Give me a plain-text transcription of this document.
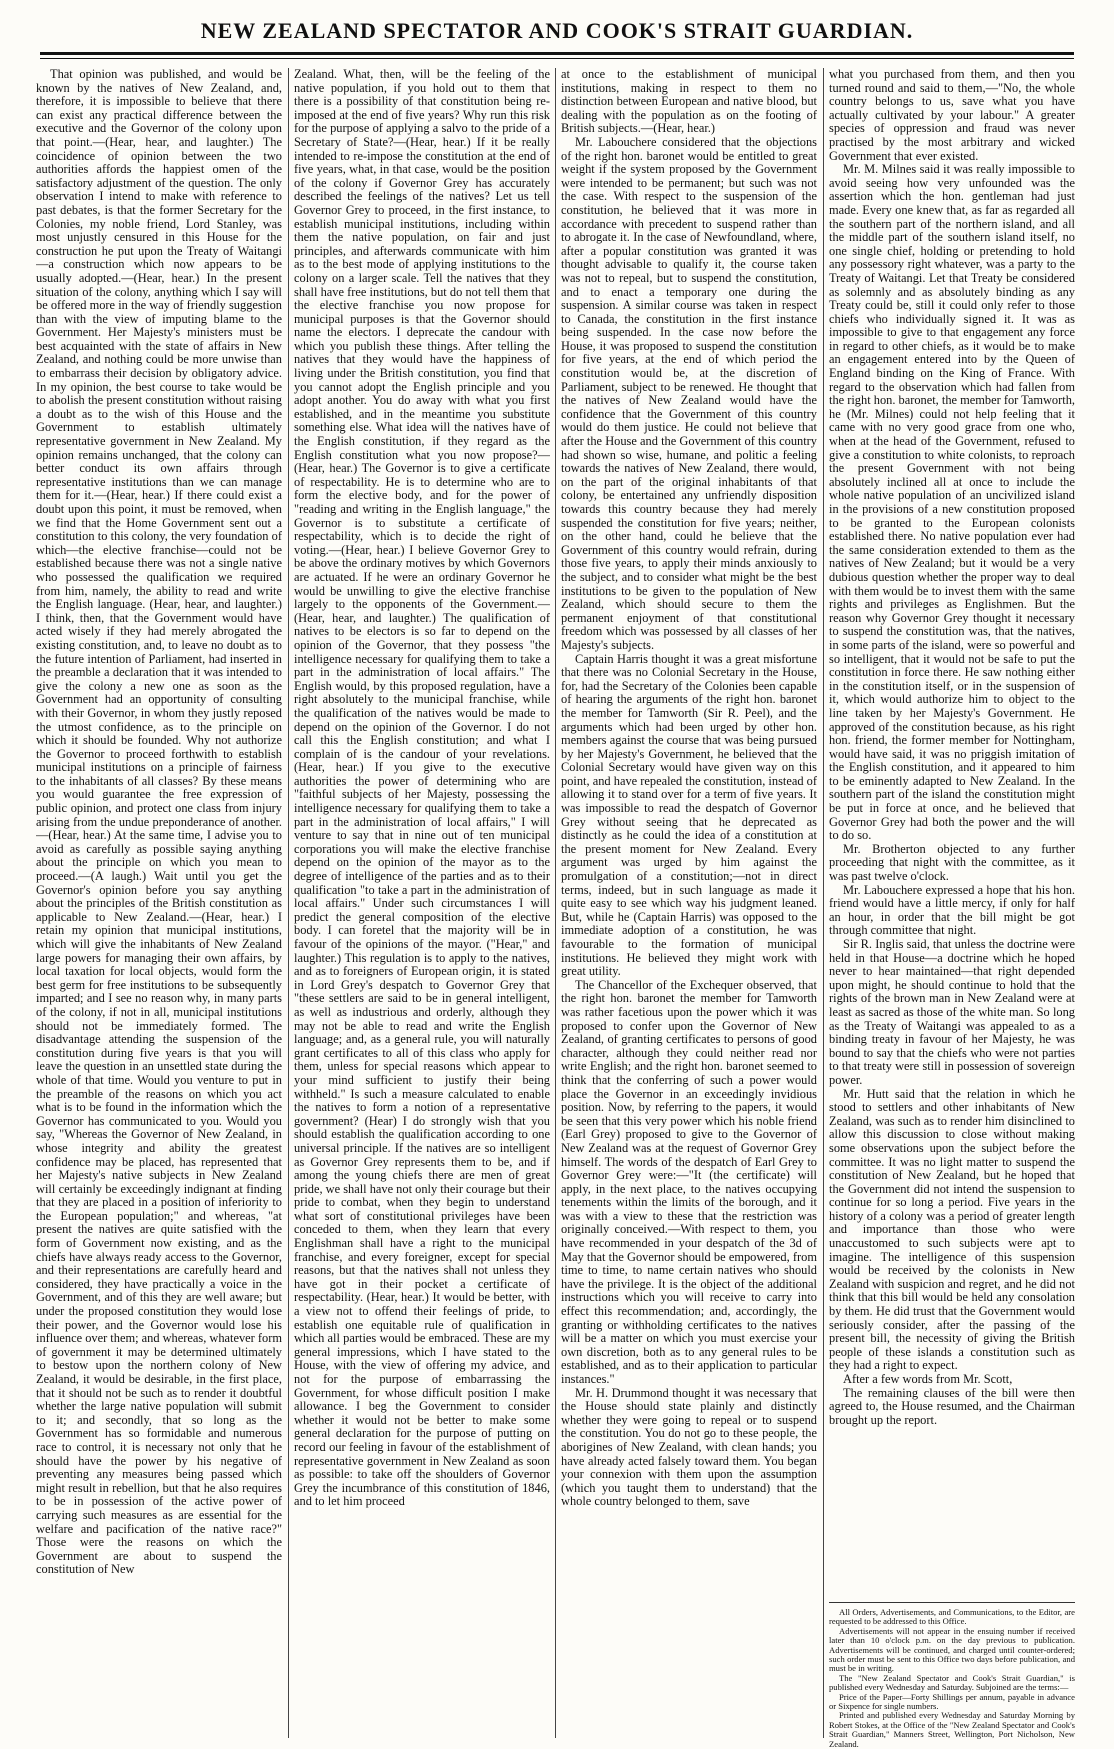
NEW ZEALAND SPECTATOR AND COOK'S STRAIT GUARDIAN.

That opinion was published, and would be known by the natives of New Zealand, and, therefore, it is impossible to believe that there can exist any practical difference between the executive and the Governor of the colony upon that point.—(Hear, hear, and laughter.) The coincidence of opinion between the two authorities affords the happiest omen of the satisfactory adjustment of the question. The only observation I intend to make with reference to past debates, is that the former Secretary for the Colonies, my noble friend, Lord Stanley, was most unjustly censured in this House for the construction he put upon the Treaty of Waitangi—a construction which now appears to be usually adopted.—(Hear, hear.) In the present situation of the colony, anything which I say will be offered more in the way of friendly suggestion than with the view of imputing blame to the Government. Her Majesty's ministers must be best acquainted with the state of affairs in New Zealand, and nothing could be more unwise than to embarrass their decision by obligatory advice. In my opinion, the best course to take would be to abolish the present constitution without raising a doubt as to the wish of this House and the Government to establish ultimately representative government in New Zealand. My opinion remains unchanged, that the colony can better conduct its own affairs through representative institutions than we can manage them for it.—(Hear, hear.) If there could exist a doubt upon this point, it must be removed, when we find that the Home Government sent out a constitution to this colony, the very foundation of which—the elective franchise—could not be established because there was not a single native who possessed the qualification we required from him, namely, the ability to read and write the English language. (Hear, hear, and laughter.) I think, then, that the Government would have acted wisely if they had merely abrogated the existing constitution, and, to leave no doubt as to the future intention of Parliament, had inserted in the preamble a declaration that it was intended to give the colony a new one as soon as the Government had an opportunity of consulting with their Governor, in whom they justly reposed the utmost confidence, as to the principle on which it should be founded. Why not authorize the Governor to proceed forthwith to establish municipal institutions on a principle of fairness to the inhabitants of all classes? By these means you would guarantee the free expression of public opinion, and protect one class from injury arising from the undue preponderance of another. —(Hear, hear.) At the same time, I advise you to avoid as carefully as possible saying anything about the principle on which you mean to proceed.—(A laugh.) Wait until you get the Governor's opinion before you say anything about the principles of the British constitution as applicable to New Zealand.—(Hear, hear.) I retain my opinion that municipal institutions, which will give the inhabitants of New Zealand large powers for managing their own affairs, by local taxation for local objects, would form the best germ for free institutions to be subsequently imparted; and I see no reason why, in many parts of the colony, if not in all, municipal institutions should not be immediately formed. The disadvantage attending the suspension of the constitution during five years is that you will leave the question in an unsettled state during the whole of that time. Would you venture to put in the preamble of the reasons on which you act what is to be found in the information which the Governor has communicated to you. Would you say, "Whereas the Governor of New Zealand, in whose integrity and ability the greatest confidence may be placed, has represented that her Majesty's native subjects in New Zealand will certainly be exceedingly indignant at finding that they are placed in a position of inferiority to the European population;" and whereas, "at present the natives are quite satisfied with the form of Government now existing, and as the chiefs have always ready access to the Governor, and their representations are carefully heard and considered, they have practically a voice in the Government, and of this they are well aware; but under the proposed constitution they would lose their power, and the Governor would lose his influence over them; and whereas, whatever form of government it may be determined ultimately to bestow upon the northern colony of New Zealand, it would be desirable, in the first place, that it should not be such as to render it doubtful whether the large native population will submit to it; and secondly, that so long as the Government has so formidable and numerous race to control, it is necessary not only that he should have the power by his negative of preventing any measures being passed which might result in rebellion, but that he also requires to be in possession of the active power of carrying such measures as are essential for the welfare and pacification of the native race?" Those were the reasons on which the Government are about to suspend the constitution of New

Zealand. What, then, will be the feeling of the native population, if you hold out to them that there is a possibility of that constitution being re-imposed at the end of five years? Why run this risk for the purpose of applying a salvo to the pride of a Secretary of State?—(Hear, hear.) If it be really intended to re-impose the constitution at the end of five years, what, in that case, would be the position of the colony if Governor Grey has accurately described the feelings of the natives? Let us tell Governor Grey to proceed, in the first instance, to establish municipal institutions, including within them the native population, on fair and just principles, and afterwards communicate with him as to the best mode of applying institutions to the colony on a larger scale. Tell the natives that they shall have free institutions, but do not tell them that the elective franchise you now propose for municipal purposes is that the Governor should name the electors. I deprecate the candour with which you publish these things. After telling the natives that they would have the happiness of living under the British constitution, you find that you cannot adopt the English principle and you adopt another. You do away with what you first established, and in the meantime you substitute something else. What idea will the natives have of the English constitution, if they regard as the English constitution what you now propose?—(Hear, hear.) The Governor is to give a certificate of respectability. He is to determine who are to form the elective body, and for the power of "reading and writing in the English language," the Governor is to substitute a certificate of respectability, which is to decide the right of voting.—(Hear, hear.) I believe Governor Grey to be above the ordinary motives by which Governors are actuated. If he were an ordinary Governor he would be unwilling to give the elective franchise largely to the opponents of the Government.—(Hear, hear, and laughter.) The qualification of natives to be electors is so far to depend on the opinion of the Governor, that they possess "the intelligence necessary for qualifying them to take a part in the administration of local affairs." The English would, by this proposed regulation, have a right absolutely to the municipal franchise, while the qualification of the natives would be made to depend on the opinion of the Governor. I do not call this the English constitution; and what I complain of is the candour of your revelations. (Hear, hear.) If you give to the executive authorities the power of determining who are "faithful subjects of her Majesty, possessing the intelligence necessary for qualifying them to take a part in the administration of local affairs," I will venture to say that in nine out of ten municipal corporations you will make the elective franchise depend on the opinion of the mayor as to the degree of intelligence of the parties and as to their qualification "to take a part in the administration of local affairs." Under such circumstances I will predict the general composition of the elective body. I can foretel that the majority will be in favour of the opinions of the mayor. ("Hear," and laughter.) This regulation is to apply to the natives, and as to foreigners of European origin, it is stated in Lord Grey's despatch to Governor Grey that "these settlers are said to be in general intelligent, as well as industrious and orderly, although they may not be able to read and write the English language; and, as a general rule, you will naturally grant certificates to all of this class who apply for them, unless for special reasons which appear to your mind sufficient to justify their being withheld." Is such a measure calculated to enable the natives to form a notion of a representative government? (Hear) I do strongly wish that you should establish the qualification according to one universal principle. If the natives are so intelligent as Governor Grey represents them to be, and if among the young chiefs there are men of great pride, we shall have not only their courage but their pride to combat, when they begin to understand what sort of constitutional privileges have been conceded to them, when they learn that every Englishman shall have a right to the municipal franchise, and every foreigner, except for special reasons, but that the natives shall not unless they have got in their pocket a certificate of respectability. (Hear, hear.) It would be better, with a view not to offend their feelings of pride, to establish one equitable rule of qualification in which all parties would be embraced. These are my general impressions, which I have stated to the House, with the view of offering my advice, and not for the purpose of embarrassing the Government, for whose difficult position I make allowance. I beg the Government to consider whether it would not be better to make some general declaration for the purpose of putting on record our feeling in favour of the establishment of representative government in New Zealand as soon as possible: to take off the shoulders of Governor Grey the incumbrance of this constitution of 1846, and to let him proceed

at once to the establishment of municipal institutions, making in respect to them no distinction between European and native blood, but dealing with the population as on the footing of British subjects.—(Hear, hear.)

Mr. Labouchere considered that the objections of the right hon. baronet would be entitled to great weight if the system proposed by the Government were intended to be permanent; but such was not the case. With respect to the suspension of the constitution, he believed that it was more in accordance with precedent to suspend rather than to abrogate it. In the case of Newfoundland, where, after a popular constitution was granted it was thought advisable to qualify it, the course taken was not to repeal, but to suspend the constitution, and to enact a temporary one during the suspension. A similar course was taken in respect to Canada, the constitution in the first instance being suspended. In the case now before the House, it was proposed to suspend the constitution for five years, at the end of which period the constitution would be, at the discretion of Parliament, subject to be renewed. He thought that the natives of New Zealand would have the confidence that the Government of this country would do them justice. He could not believe that after the House and the Government of this country had shown so wise, humane, and politic a feeling towards the natives of New Zealand, there would, on the part of the original inhabitants of that colony, be entertained any unfriendly disposition towards this country because they had merely suspended the constitution for five years; neither, on the other hand, could he believe that the Government of this country would refrain, during those five years, to apply their minds anxiously to the subject, and to consider what might be the best institutions to be given to the population of New Zealand, which should secure to them the permanent enjoyment of that constitutional freedom which was possessed by all classes of her Majesty's subjects.

Captain Harris thought it was a great misfortune that there was no Colonial Secretary in the House, for, had the Secretary of the Colonies been capable of hearing the arguments of the right hon. baronet the member for Tamworth (Sir R. Peel), and the arguments which had been urged by other hon. members against the course that was being pursued by her Majesty's Government, he believed that the Colonial Secretary would have given way on this point, and have repealed the constitution, instead of allowing it to stand over for a term of five years. It was impossible to read the despatch of Governor Grey without seeing that he deprecated as distinctly as he could the idea of a constitution at the present moment for New Zealand. Every argument was urged by him against the promulgation of a constitution;—not in direct terms, indeed, but in such language as made it quite easy to see which way his judgment leaned. But, while he (Captain Harris) was opposed to the immediate adoption of a constitution, he was favourable to the formation of municipal institutions. He believed they might work with great utility.

The Chancellor of the Exchequer observed, that the right hon. baronet the member for Tamworth was rather facetious upon the power which it was proposed to confer upon the Governor of New Zealand, of granting certificates to persons of good character, although they could neither read nor write English; and the right hon. baronet seemed to think that the conferring of such a power would place the Governor in an exceedingly invidious position. Now, by referring to the papers, it would be seen that this very power which his noble friend (Earl Grey) proposed to give to the Governor of New Zealand was at the request of Governor Grey himself. The words of the despatch of Earl Grey to Governor Grey were:—"It (the certificate) will apply, in the next place, to the natives occupying tenements within the limits of the borough, and it was with a view to these that the restriction was originally conceived.—With respect to them, you have recommended in your despatch of the 3d of May that the Governor should be empowered, from time to time, to name certain natives who should have the privilege. It is the object of the additional instructions which you will receive to carry into effect this recommendation; and, accordingly, the granting or withholding certificates to the natives will be a matter on which you must exercise your own discretion, both as to any general rules to be established, and as to their application to particular instances."

Mr. H. Drummond thought it was necessary that the House should state plainly and distinctly whether they were going to repeal or to suspend the constitution. You do not go to these people, the aborigines of New Zealand, with clean hands; you have already acted falsely toward them. You began your connexion with them upon the assumption (which you taught them to understand) that the whole country belonged to them, save

what you purchased from them, and then you turned round and said to them,—"No, the whole country belongs to us, save what you have actually cultivated by your labour." A greater species of oppression and fraud was never practised by the most arbitrary and wicked Government that ever existed.

Mr. M. Milnes said it was really impossible to avoid seeing how very unfounded was the assertion which the hon. gentleman had just made. Every one knew that, as far as regarded all the southern part of the northern island, and all the middle part of the southern island itself, no one single chief, holding or pretending to hold any possessory right whatever, was a party to the Treaty of Waitangi. Let that Treaty be considered as solemnly and as absolutely binding as any Treaty could be, still it could only refer to those chiefs who individually signed it. It was as impossible to give to that engagement any force in regard to other chiefs, as it would be to make an engagement entered into by the Queen of England binding on the King of France. With regard to the observation which had fallen from the right hon. baronet, the member for Tamworth, he (Mr. Milnes) could not help feeling that it came with no very good grace from one who, when at the head of the Government, refused to give a constitution to white colonists, to reproach the present Government with not being absolutely inclined all at once to include the whole native population of an uncivilized island in the provisions of a new constitution proposed to be granted to the European colonists established there. No native population ever had the same consideration extended to them as the natives of New Zealand; but it would be a very dubious question whether the proper way to deal with them would be to invest them with the same rights and privileges as Englishmen. But the reason why Governor Grey thought it necessary to suspend the constitution was, that the natives, in some parts of the island, were so powerful and so intelligent, that it would not be safe to put the constitution in force there. He saw nothing either in the constitution itself, or in the suspension of it, which would authorize him to object to the line taken by her Majesty's Government. He approved of the constitution because, as his right hon. friend, the former member for Nottingham, would have said, it was no priggish imitation of the English constitution, and it appeared to him to be eminently adapted to New Zealand. In the southern part of the island the constitution might be put in force at once, and he believed that Governor Grey had both the power and the will to do so.

Mr. Brotherton objected to any further proceeding that night with the committee, as it was past twelve o'clock.

Mr. Labouchere expressed a hope that his hon. friend would have a little mercy, if only for half an hour, in order that the bill might be got through committee that night.

Sir R. Inglis said, that unless the doctrine were held in that House—a doctrine which he hoped never to hear maintained—that right depended upon might, he should continue to hold that the rights of the brown man in New Zealand were at least as sacred as those of the white man. So long as the Treaty of Waitangi was appealed to as a binding treaty in favour of her Majesty, he was bound to say that the chiefs who were not parties to that treaty were still in possession of sovereign power.

Mr. Hutt said that the relation in which he stood to settlers and other inhabitants of New Zealand, was such as to render him disinclined to allow this discussion to close without making some observations upon the subject before the committee. It was no light matter to suspend the constitution of New Zealand, but he hoped that the Government did not intend the suspension to continue for so long a period. Five years in the history of a colony was a period of greater length and importance than those who were unaccustomed to such subjects were apt to imagine. The intelligence of this suspension would be received by the colonists in New Zealand with suspicion and regret, and he did not think that this bill would be held any consolation by them. He did trust that the Government would seriously consider, after the passing of the present bill, the necessity of giving the British people of these islands a constitution such as they had a right to expect.

After a few words from Mr. Scott,

The remaining clauses of the bill were then agreed to, the House resumed, and the Chairman brought up the report.

All Orders, Advertisements, and Communications, to the Editor, are requested to be addressed to this Office.

Advertisements will not appear in the ensuing number if received later than 10 o'clock p.m. on the day previous to publication. Advertisements will be continued, and charged until counter-ordered; such order must be sent to this Office two days before publication, and must be in writing.

The "New Zealand Spectator and Cook's Strait Guardian," is published every Wednesday and Saturday. Subjoined are the terms:—

Price of the Paper—Forty Shillings per annum, payable in advance or Sixpence for single numbers.

Printed and published every Wednesday and Saturday Morning by Robert Stokes, at the Office of the "New Zealand Spectator and Cook's Strait Guardian," Manners Street, Wellington, Port Nicholson, New Zealand.
